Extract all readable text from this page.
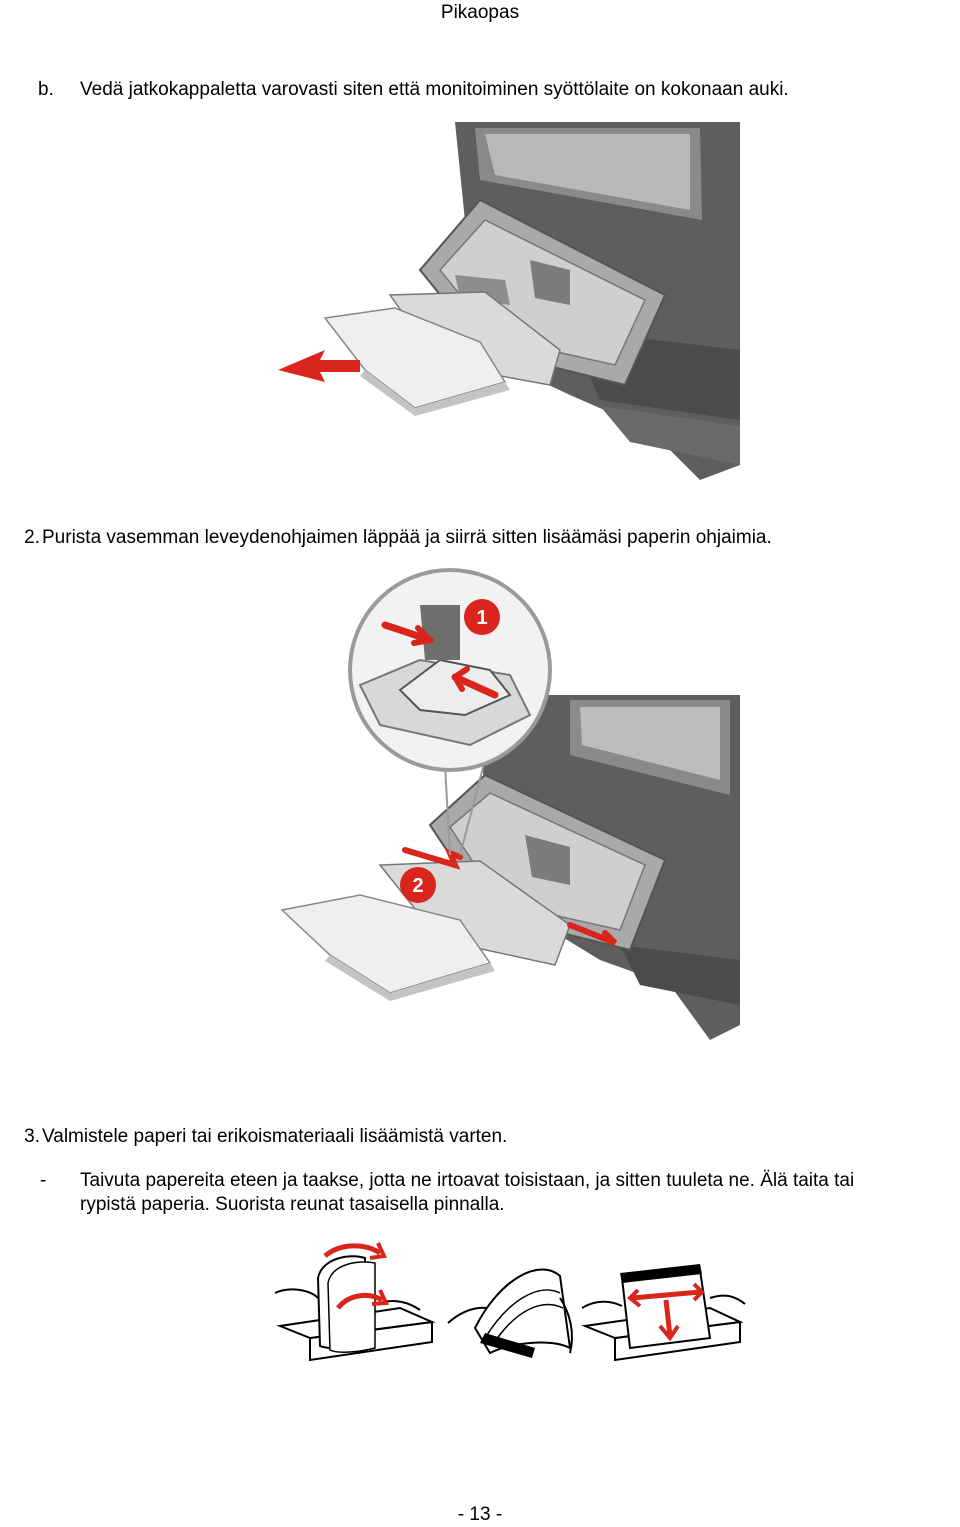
Pikaopas
b. Vedä jatkokappaletta varovasti siten että monitoiminen syöttölaite on kokonaan auki.
2. Purista vasemman leveydenohjaimen läppää ja siirrä sitten lisäämäsi paperin ohjaimia.
1
2
3. Valmistele paperi tai erikoismateriaali lisäämistä varten.
- Taivuta papereita eteen ja taakse, jotta ne irtoavat toisistaan, ja sitten tuuleta ne. Älä taita tai
rypistä paperia. Suorista reunat tasaisella pinnalla.
- 13 -
